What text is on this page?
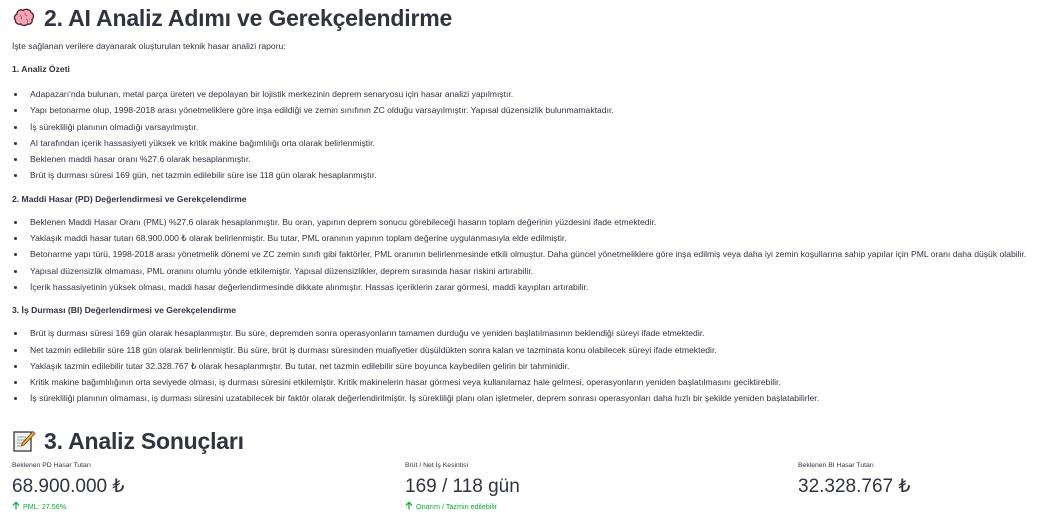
2. AI Analiz Adımı ve Gerekçelendirme

İşte sağlanan verilere dayanarak oluşturulan teknik hasar analizi raporu:

1. Analiz Özeti

Adapazarı'nda bulunan, metal parça üreten ve depolayan bir lojistik merkezinin deprem senaryosu için hasar analizi yapılmıştır.
Yapı betonarme olup, 1998-2018 arası yönetmeliklere göre inşa edildiği ve zemin sınıfının ZC olduğu varsayılmıştır. Yapısal düzensizlik bulunmamaktadır.
İş sürekliliği planının olmadığı varsayılmıştır.
AI tarafından içerik hassasiyeti yüksek ve kritik makine bağımlılığı orta olarak belirlenmiştir.
Beklenen maddi hasar oranı %27.6 olarak hesaplanmıştır.
Brüt iş durması süresi 169 gün, net tazmin edilebilir süre ise 118 gün olarak hesaplanmıştır.

2. Maddi Hasar (PD) Değerlendirmesi ve Gerekçelendirme

Beklenen Maddi Hasar Oranı (PML) %27.6 olarak hesaplanmıştır. Bu oran, yapının deprem sonucu görebileceği hasarın toplam değerinin yüzdesini ifade etmektedir.
Yaklaşık maddi hasar tutarı 68.900.000 ₺ olarak belirlenmiştir. Bu tutar, PML oranının yapının toplam değerine uygulanmasıyla elde edilmiştir.
Betonarme yapı türü, 1998-2018 arası yönetmelik dönemi ve ZC zemin sınıfı gibi faktörler, PML oranının belirlenmesinde etkili olmuştur. Daha güncel yönetmeliklere göre inşa edilmiş veya daha iyi zemin koşullarına sahip yapılar için PML oranı daha düşük olabilir.
Yapısal düzensizlik olmaması, PML oranını olumlu yönde etkilemiştir. Yapısal düzensizlikler, deprem sırasında hasar riskini artırabilir.
İçerik hassasiyetinin yüksek olması, maddi hasar değerlendirmesinde dikkate alınmıştır. Hassas içeriklerin zarar görmesi, maddi kayıpları artırabilir.

3. İş Durması (BI) Değerlendirmesi ve Gerekçelendirme

Brüt iş durması süresi 169 gün olarak hesaplanmıştır. Bu süre, depremden sonra operasyonların tamamen durduğu ve yeniden başlatılmasının beklendiği süreyi ifade etmektedir.
Net tazmin edilebilir süre 118 gün olarak belirlenmiştir. Bu süre, brüt iş durması süresinden muafiyetler düşüldükten sonra kalan ve tazminata konu olabilecek süreyi ifade etmektedir.
Yaklaşık tazmin edilebilir tutar 32.328.767 ₺ olarak hesaplanmıştır. Bu tutar, net tazmin edilebilir süre boyunca kaybedilen gelirin bir tahminidir.
Kritik makine bağımlılığının orta seviyede olması, iş durması süresini etkilemiştir. Kritik makinelerin hasar görmesi veya kullanılamaz hale gelmesi, operasyonların yeniden başlatılmasını geciktirebilir.
İş sürekliliği planının olmaması, iş durması süresini uzatabilecek bir faktör olarak değerlendirilmiştir. İş sürekliliği planı olan işletmeler, deprem sonrası operasyonları daha hızlı bir şekilde yeniden başlatabilirler.
3. Analiz Sonuçları
Beklenen PD Hasar Tutarı
68.900.000 ₺
PML: 27.56%
Brüt / Net İş Kesintisi
169 / 118 gün
Onarım / Tazmin edilebilir
Beklenen BI Hasar Tutarı
32.328.767 ₺
